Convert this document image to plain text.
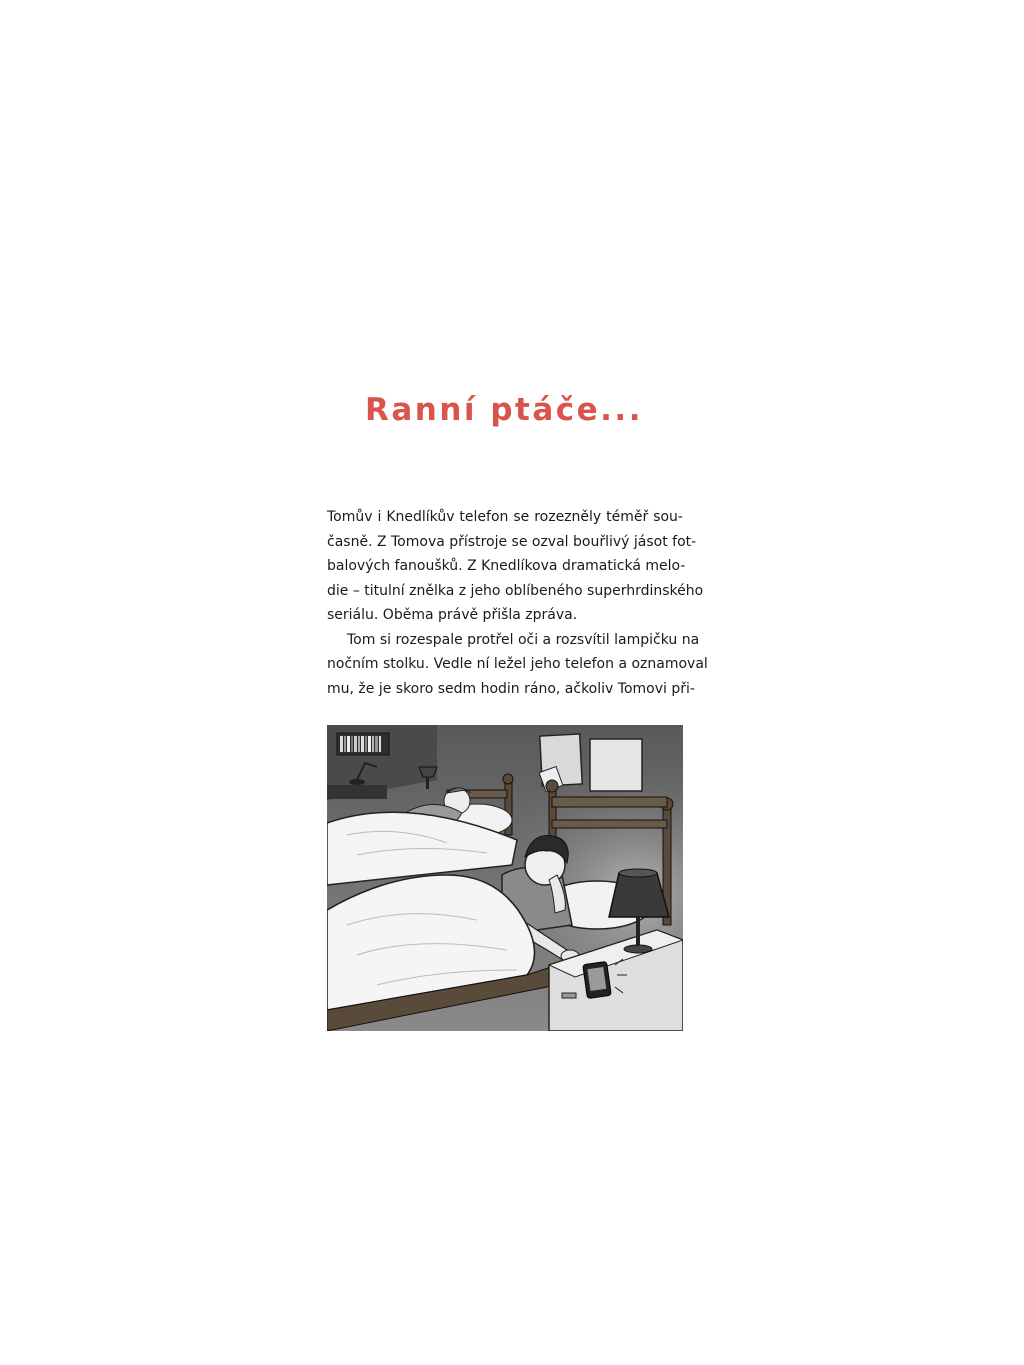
Ranní ptáče...

Tomův i Knedlíkův telefon se rozezněly téměř sou-
časně. Z Tomova přístroje se ozval bouřlivý jásot fot-
balových fanoušků. Z Knedlíkova dramatická melo-
die – titulní znělka z jeho oblíbeného superhrdinského
seriálu. Oběma právě přišla zpráva.

Tom si rozespale protřel oči a rozsvítil lampičku na
nočním stolku. Vedle ní ležel jeho telefon a oznamoval
mu, že je skoro sedm hodin ráno, ačkoliv Tomovi při-
